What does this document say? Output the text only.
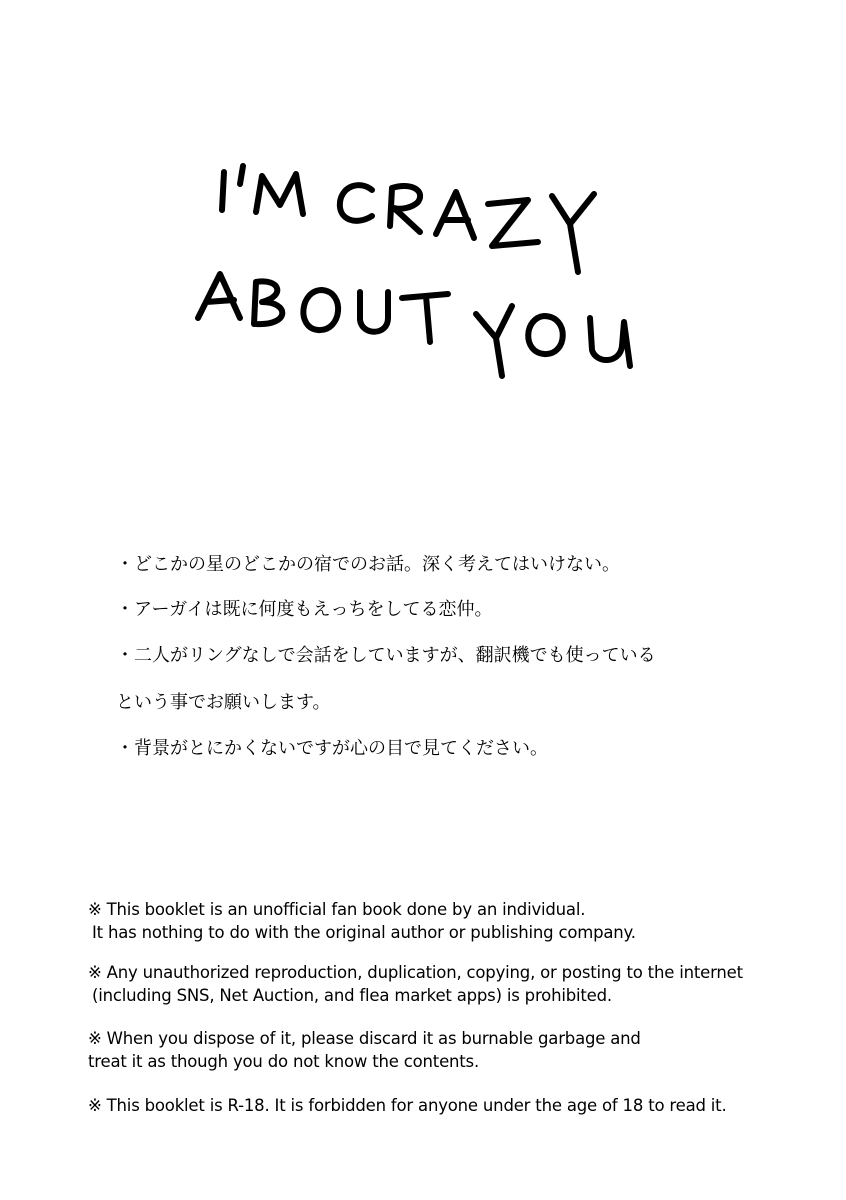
・どこかの星のどこかの宿でのお話。深く考えてはいけない。
・アーガイは既に何度もえっちをしてる恋仲。
・二人がリングなしで会話をしていますが、翻訳機でも使っている
という事でお願いします。
・背景がとにかくないですが心の目で見てください。
※ This booklet is an unofficial fan book done by an individual.
It has nothing to do with the original author or publishing company.
※ Any unauthorized reproduction, duplication, copying, or posting to the internet
(including SNS, Net Auction, and flea market apps) is prohibited.
※ When you dispose of it, please discard it as burnable garbage and
treat it as though you do not know the contents.
※ This booklet is R-18. It is forbidden for anyone under the age of 18 to read it.
